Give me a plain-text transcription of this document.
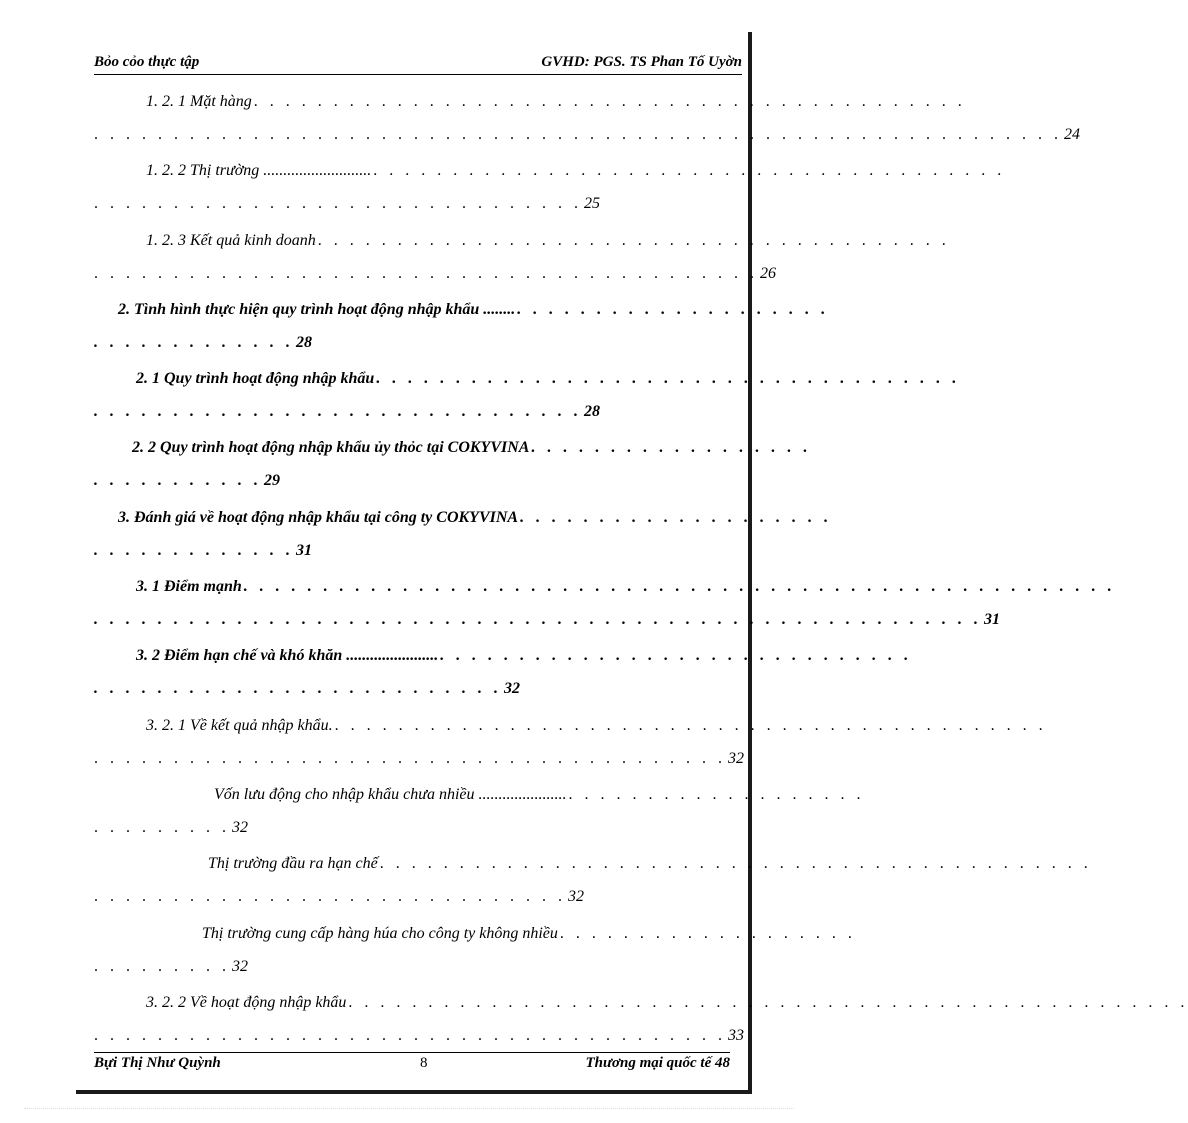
Bỏo cỏo thực tập	GVHD: PGS. TS Phan Tố Uyờn
1. 2. 1 Mặt hàng . . . . . . . . . . . . . . . . . . . . . . . . . . . . . . . . . . . . . . . . . . . . .
. . . . . . . . . . . . . . . . . . . . . . . . . . . . . . . . . . . . . . . . . . . . . . . . . . . . . . . . . . . . . 24
1. 2. 2 Thị trường ........................... . . . . . . . . . . . . . . . . . . . . . . . . . . . . . . . . . . . . . . . .
. . . . . . . . . . . . . . . . . . . . . . . . . . . . . . . 25
1. 2. 3 Kết quả kinh doanh . . . . . . . . . . . . . . . . . . . . . . . . . . . . . . . . . . . . . . . .
. . . . . . . . . . . . . . . . . . . . . . . . . . . . . . . . . . . . . . . . . . 26
2. Tình hình thực hiện quy trình hoạt động nhập khẩu ........ . . . . . . . . . . . . . . . . . . . .
. . . . . . . . . . . . . 28
2. 1 Quy trình hoạt động nhập khẩu . . . . . . . . . . . . . . . . . . . . . . . . . . . . . . . . . . . . .
. . . . . . . . . . . . . . . . . . . . . . . . . . . . . . . 28
2. 2 Quy trình hoạt động nhập khẩu ủy thỏc tại COKYVINA . . . . . . . . . . . . . . . . . .
. . . . . . . . . . . 29
3. Đánh giá về hoạt động nhập khẩu tại công ty COKYVINA . . . . . . . . . . . . . . . . . . . .
. . . . . . . . . . . . . 31
3. 1 Điểm mạnh . . . . . . . . . . . . . . . . . . . . . . . . . . . . . . . . . . . . . . . . . . . . . . . . . . . . . . .
. . . . . . . . . . . . . . . . . . . . . . . . . . . . . . . . . . . . . . . . . . . . . . . . . . . . . . . . 31
3. 2 Điểm hạn chế và khó khăn ....................... . . . . . . . . . . . . . . . . . . . . . . . . . . . . . .
. . . . . . . . . . . . . . . . . . . . . . . . . . 32
3. 2. 1 Về kết quả nhập khẩu. . . . . . . . . . . . . . . . . . . . . . . . . . . . . . . . . . . . . . . . . . . . . .
. . . . . . . . . . . . . . . . . . . . . . . . . . . . . . . . . . . . . . . . 32
Vốn lưu động cho nhập khẩu chưa nhiều ...................... . . . . . . . . . . . . . . . . . . .
. . . . . . . . . 32
Thị trường đầu ra hạn chế . . . . . . . . . . . . . . . . . . . . . . . . . . . . . . . . . . . . . . . . . . . . .
. . . . . . . . . . . . . . . . . . . . . . . . . . . . . . 32
Thị trường cung cấp hàng húa cho công ty không nhiều . . . . . . . . . . . . . . . . . . .
. . . . . . . . . 32
3. 2. 2 Về hoạt động nhập khẩu . . . . . . . . . . . . . . . . . . . . . . . . . . . . . . . . . . . . . . . . . . . . . . . . . . . . .
. . . . . . . . . . . . . . . . . . . . . . . . . . . . . . . . . . . . . . . . 33
Bựi Thị Như Quỳnh	8	Thương mại quốc tế 48
